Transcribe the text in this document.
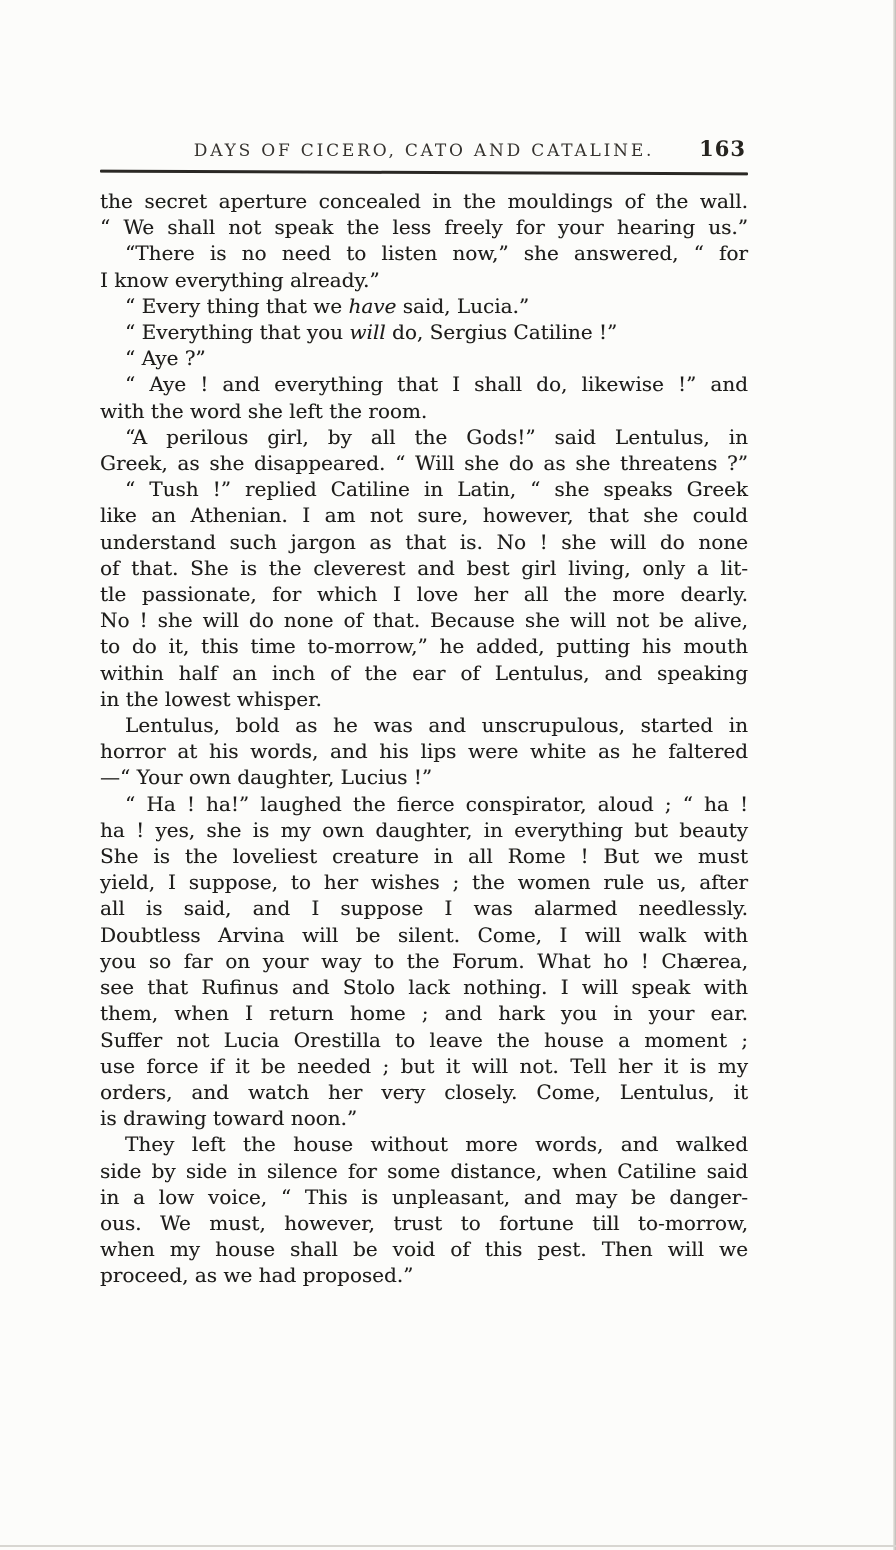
DAYS OF CICERO, CATO AND CATALINE. 163
the secret aperture concealed in the mouldings of the wall.
“ We shall not speak the less freely for your hearing us.”
“There is no need to listen now,” she answered, “ for
I know everything already.”
“ Every thing that we have said, Lucia.”
“ Everything that you will do, Sergius Catiline !”
“ Aye ?”
“ Aye ! and everything that I shall do, likewise !” and
with the word she left the room.
“A perilous girl, by all the Gods!” said Lentulus, in
Greek, as she disappeared. “ Will she do as she threatens ?”
“ Tush !” replied Catiline in Latin, “ she speaks Greek
like an Athenian. I am not sure, however, that she could
understand such jargon as that is. No ! she will do none
of that. She is the cleverest and best girl living, only a lit-
tle passionate, for which I love her all the more dearly.
No ! she will do none of that. Because she will not be alive,
to do it, this time to-morrow,” he added, putting his mouth
within half an inch of the ear of Lentulus, and speaking
in the lowest whisper.
Lentulus, bold as he was and unscrupulous, started in
horror at his words, and his lips were white as he faltered
—“ Your own daughter, Lucius !”
“ Ha ! ha!” laughed the fierce conspirator, aloud ; “ ha !
ha ! yes, she is my own daughter, in everything but beauty
She is the loveliest creature in all Rome ! But we must
yield, I suppose, to her wishes ; the women rule us, after
all is said, and I suppose I was alarmed needlessly.
Doubtless Arvina will be silent. Come, I will walk with
you so far on your way to the Forum. What ho ! Chærea,
see that Rufinus and Stolo lack nothing. I will speak with
them, when I return home ; and hark you in your ear.
Suffer not Lucia Orestilla to leave the house a moment ;
use force if it be needed ; but it will not. Tell her it is my
orders, and watch her very closely. Come, Lentulus, it
is drawing toward noon.”
They left the house without more words, and walked
side by side in silence for some distance, when Catiline said
in a low voice, “ This is unpleasant, and may be danger-
ous. We must, however, trust to fortune till to-morrow,
when my house shall be void of this pest. Then will we
proceed, as we had proposed.”
